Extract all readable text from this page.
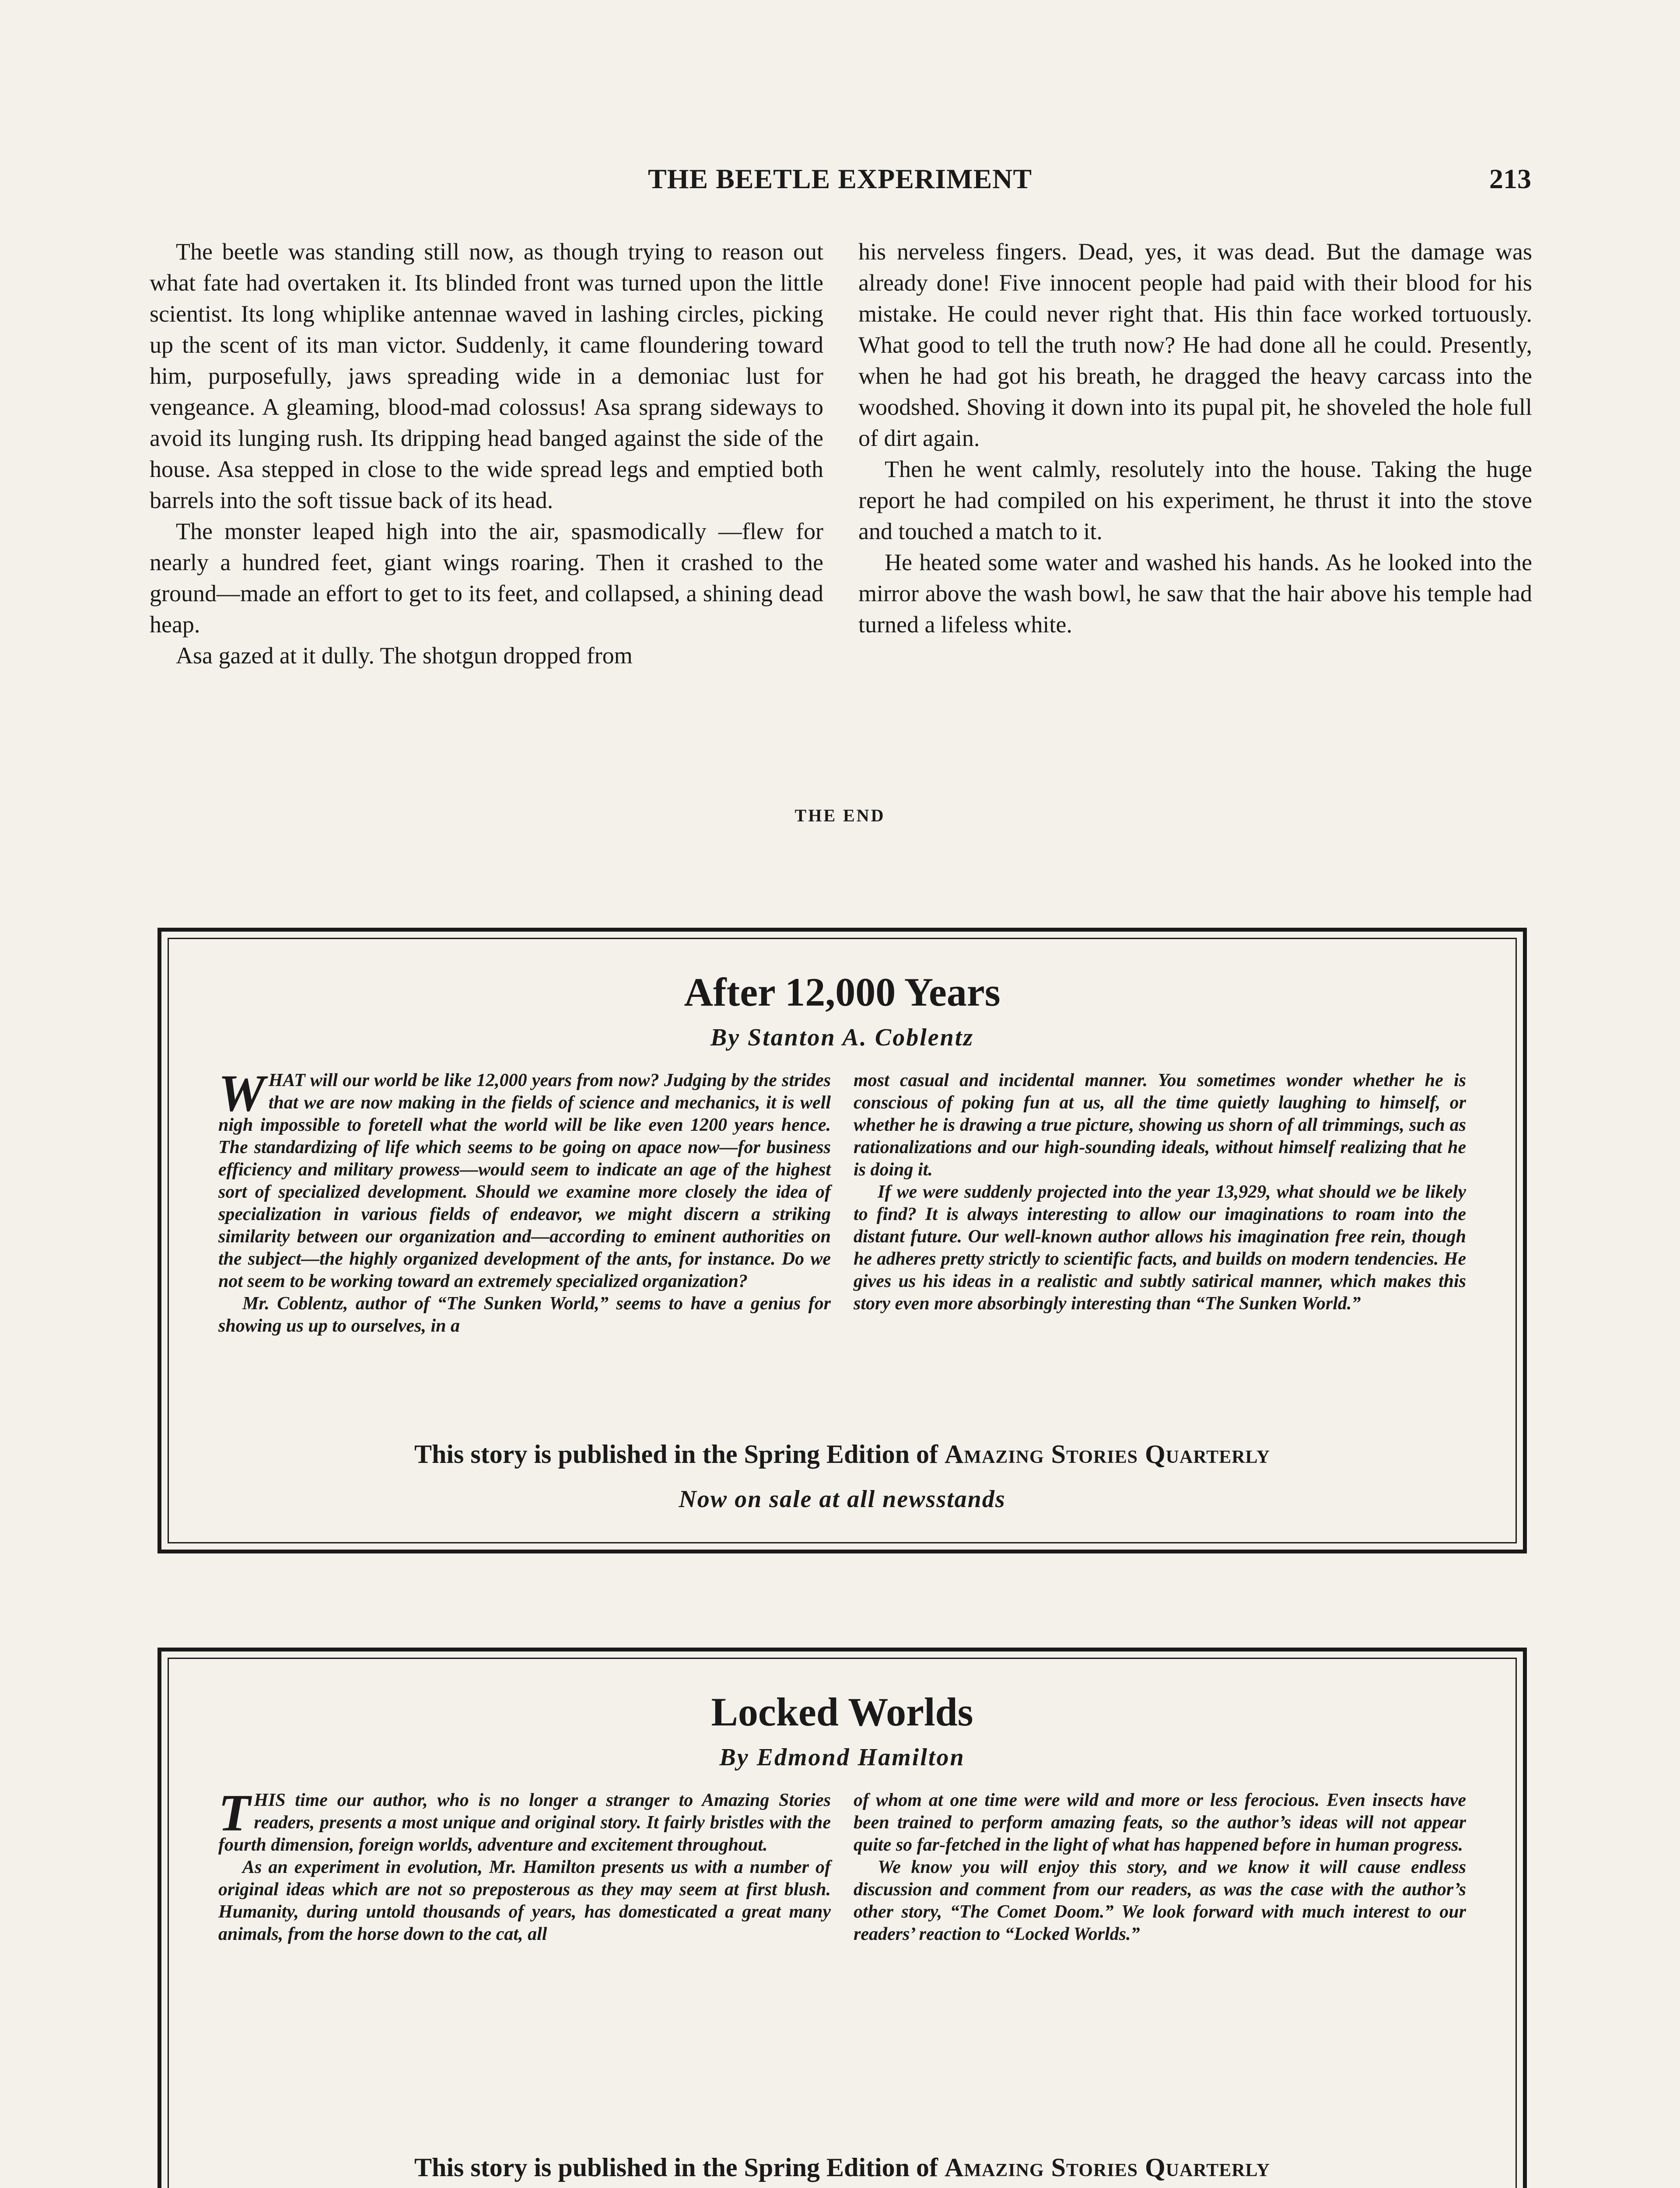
THE BEETLE EXPERIMENT	213

The beetle was standing still now, as though trying to reason out what fate had overtaken it. Its blinded front was turned upon the little scientist. Its long whiplike antennae waved in lashing circles, picking up the scent of its man victor. Suddenly, it came floundering toward him, purposefully, jaws spreading wide in a demoniac lust for vengeance. A gleaming, blood-mad colossus! Asa sprang sideways to avoid its lunging rush. Its dripping head banged against the side of the house. Asa stepped in close to the wide spread legs and emptied both barrels into the soft tissue back of its head.

The monster leaped high into the air, spasmodically —flew for nearly a hundred feet, giant wings roaring. Then it crashed to the ground—made an effort to get to its feet, and collapsed, a shining dead heap.

Asa gazed at it dully. The shotgun dropped from

his nerveless fingers. Dead, yes, it was dead. But the damage was already done! Five innocent people had paid with their blood for his mistake. He could never right that. His thin face worked tortuously. What good to tell the truth now? He had done all he could. Presently, when he had got his breath, he dragged the heavy carcass into the woodshed. Shoving it down into its pupal pit, he shoveled the hole full of dirt again.

Then he went calmly, resolutely into the house. Taking the huge report he had compiled on his experiment, he thrust it into the stove and touched a match to it.

He heated some water and washed his hands. As he looked into the mirror above the wash bowl, he saw that the hair above his temple had turned a lifeless white.

THE END
After 12,000 Years
By Stanton A. Coblentz

WHAT will our world be like 12,000 years from now? Judging by the strides that we are now making in the fields of science and mechanics, it is well nigh impossible to foretell what the world will be like even 1200 years hence. The standardizing of life which seems to be going on apace now—for business efficiency and military prowess—would seem to indicate an age of the highest sort of specialized development. Should we examine more closely the idea of specialization in various fields of endeavor, we might discern a striking similarity between our organization and—according to eminent authorities on the subject—the highly organized development of the ants, for instance. Do we not seem to be working toward an extremely specialized organization?

Mr. Coblentz, author of “The Sunken World,” seems to have a genius for showing us up to ourselves, in a

most casual and incidental manner. You sometimes wonder whether he is conscious of poking fun at us, all the time quietly laughing to himself, or whether he is drawing a true picture, showing us shorn of all trimmings, such as rationalizations and our high-sounding ideals, without himself realizing that he is doing it.

If we were suddenly projected into the year 13,929, what should we be likely to find? It is always interesting to allow our imaginations to roam into the distant future. Our well-known author allows his imagination free rein, though he adheres pretty strictly to scientific facts, and builds on modern tendencies. He gives us his ideas in a realistic and subtly satirical manner, which makes this story even more absorbingly interesting than “The Sunken World.”

This story is published in the Spring Edition of Amazing Stories Quarterly
Now on sale at all newsstands
Locked Worlds
By Edmond Hamilton

THIS time our author, who is no longer a stranger to Amazing Stories readers, presents a most unique and original story. It fairly bristles with the fourth dimension, foreign worlds, adventure and excitement throughout.

As an experiment in evolution, Mr. Hamilton presents us with a number of original ideas which are not so preposterous as they may seem at first blush. Humanity, during untold thousands of years, has domesticated a great many animals, from the horse down to the cat, all

of whom at one time were wild and more or less ferocious. Even insects have been trained to perform amazing feats, so the author’s ideas will not appear quite so far-fetched in the light of what has happened before in human progress.

We know you will enjoy this story, and we know it will cause endless discussion and comment from our readers, as was the case with the author’s other story, “The Comet Doom.” We look forward with much interest to our readers’ reaction to “Locked Worlds.”

This story is published in the Spring Edition of Amazing Stories Quarterly
